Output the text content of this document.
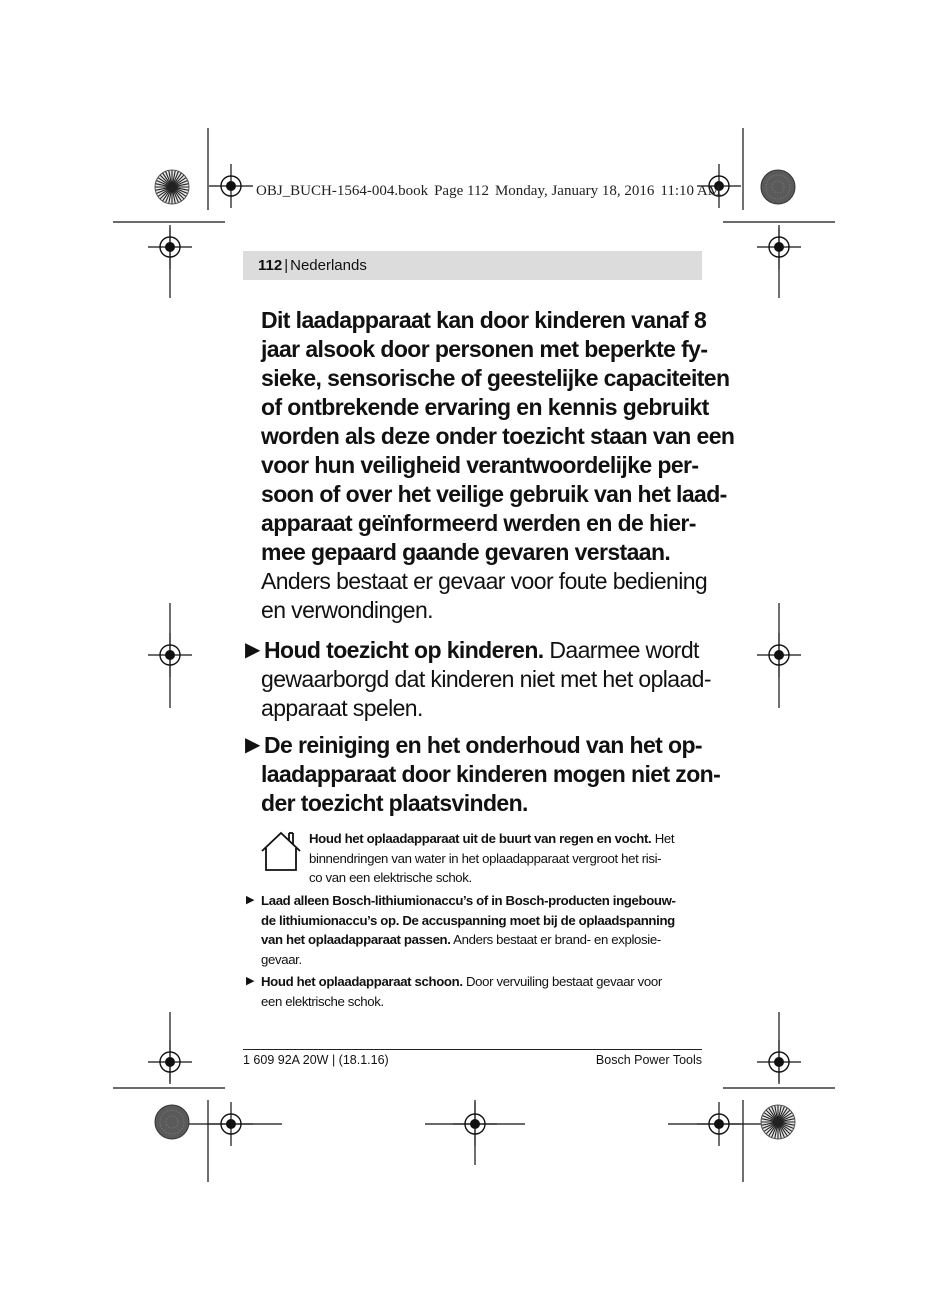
OBJ_BUCH-1564-004.book Page 112 Monday, January 18, 2016 11:10 AM
112 | Nederlands
Dit laadapparaat kan door kinderen vanaf 8
jaar alsook door personen met beperkte fy-
sieke, sensorische of geestelijke capaciteiten
of ontbrekende ervaring en kennis gebruikt
worden als deze onder toezicht staan van een
voor hun veiligheid verantwoordelijke per-
soon of over het veilige gebruik van het laad-
apparaat geïnformeerd werden en de hier-
mee gepaard gaande gevaren verstaan.
Anders bestaat er gevaar voor foute bediening
en verwondingen.
▶ Houd toezicht op kinderen. Daarmee wordt
gewaarborgd dat kinderen niet met het oplaad-
apparaat spelen.
▶ De reiniging en het onderhoud van het op-
laadapparaat door kinderen mogen niet zon-
der toezicht plaatsvinden.
Houd het oplaadapparaat uit de buurt van regen en vocht. Het
binnendringen van water in het oplaadapparaat vergroot het risi-
co van een elektrische schok.
▶ Laad alleen Bosch-lithiumionaccu’s of in Bosch-producten ingebouw-
de lithiumionaccu’s op. De accuspanning moet bij de oplaadspanning
van het oplaadapparaat passen. Anders bestaat er brand- en explosie-
gevaar.
▶ Houd het oplaadapparaat schoon. Door vervuiling bestaat gevaar voor
een elektrische schok.
1 609 92A 20W | (18.1.16)	Bosch Power Tools
